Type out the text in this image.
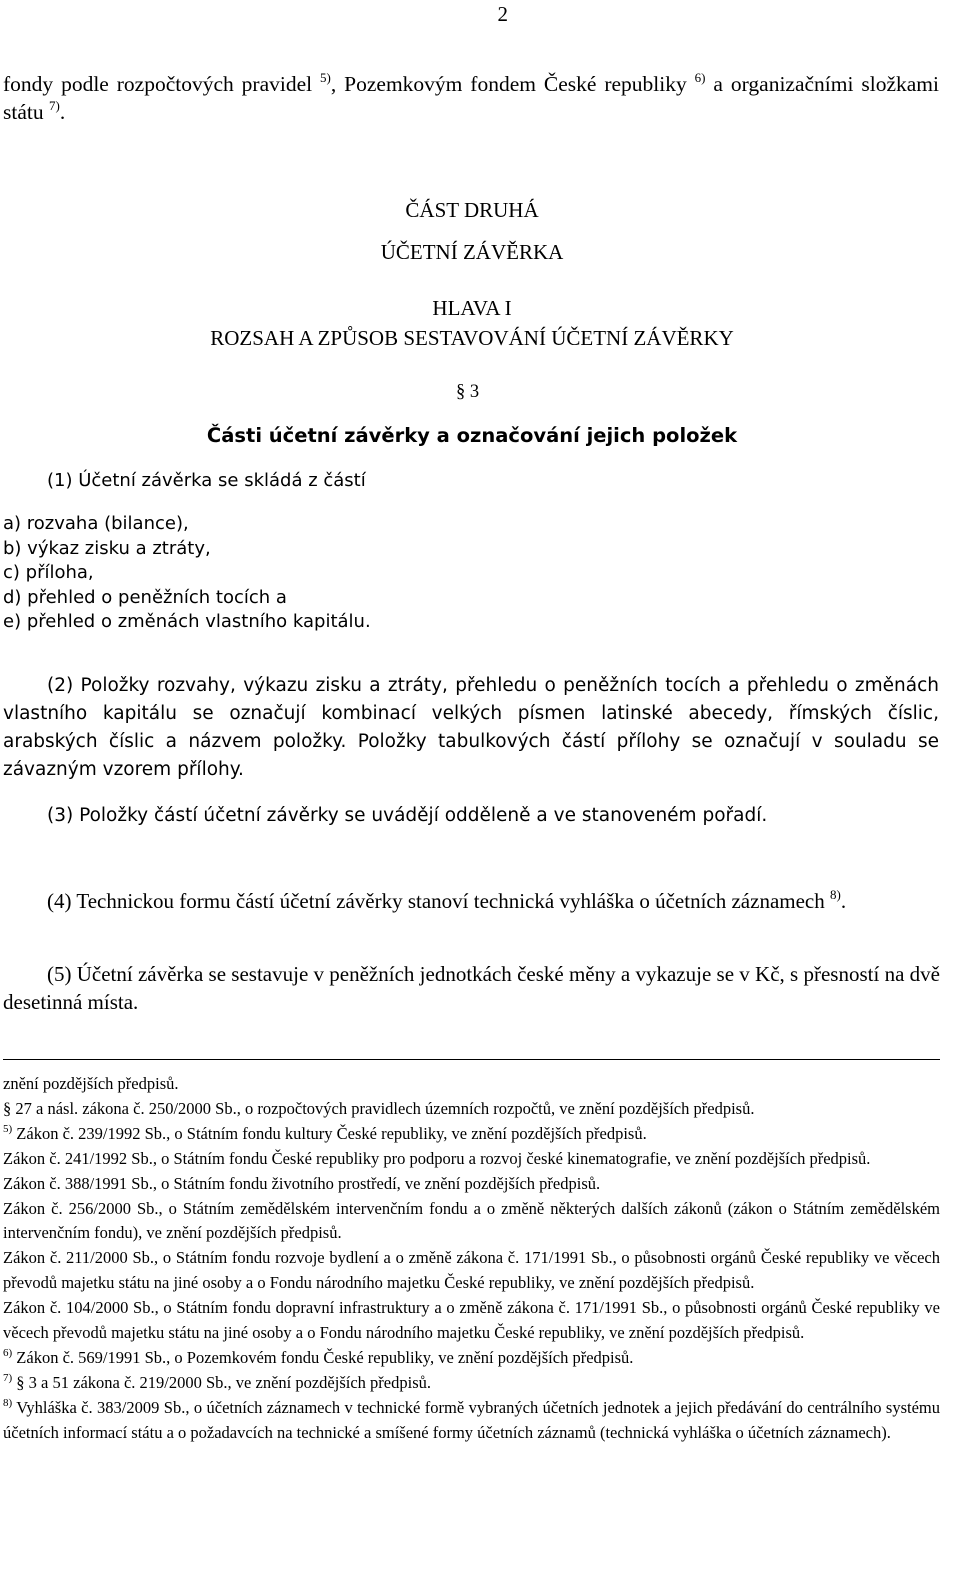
2

fondy podle rozpočtových pravidel $^{5)}$, Pozemkovým fondem České republiky $^{6)}$ a organizačními složkami státu $^{7)}$.

ČÁST DRUHÁ
ÚČETNÍ ZÁVĚRKA
HLAVA I
ROZSAH A ZPŮSOB SESTAVOVÁNÍ ÚČETNÍ ZÁVĚRKY
§ 3
Části účetní závěrky a označování jejich položek
(1) Účetní závěrka se skládá z částí
a) rozvaha (bilance),
b) výkaz zisku a ztráty,
c) příloha,
d) přehled o peněžních tocích a
e) přehled o změnách vlastního kapitálu.

(2) Položky rozvahy, výkazu zisku a ztráty, přehledu o peněžních tocích a přehledu o změnách vlastního kapitálu se označují kombinací velkých písmen latinské abecedy, římských číslic, arabských číslic a názvem položky. Položky tabulkových částí přílohy se označují v souladu se závazným vzorem přílohy.

(3) Položky částí účetní závěrky se uvádějí odděleně a ve stanoveném pořadí.

(4) Technickou formu částí účetní závěrky stanoví technická vyhláška o účetních záznamech $^{8)}$.

(5) Účetní závěrka se sestavuje v peněžních jednotkách české měny a vykazuje se v Kč, s přesností na dvě desetinná místa.

znění pozdějších předpisů.
§ 27 a násl. zákona č. 250/2000 Sb., o rozpočtových pravidlech územních rozpočtů, ve znění pozdějších předpisů.
$^{5)}$ Zákon č. 239/1992 Sb., o Státním fondu kultury České republiky, ve znění pozdějších předpisů.
Zákon č. 241/1992 Sb., o Státním fondu České republiky pro podporu a rozvoj české kinematografie, ve znění pozdějších předpisů.
Zákon č. 388/1991 Sb., o Státním fondu životního prostředí, ve znění pozdějších předpisů.
Zákon č. 256/2000 Sb., o Státním zemědělském intervenčním fondu a o změně některých dalších zákonů (zákon o Státním zemědělském intervenčním fondu), ve znění pozdějších předpisů.
Zákon č. 211/2000 Sb., o Státním fondu rozvoje bydlení a o změně zákona č. 171/1991 Sb., o působnosti orgánů České republiky ve věcech převodů majetku státu na jiné osoby a o Fondu národního majetku České republiky, ve znění pozdějších předpisů.
Zákon č. 104/2000 Sb., o Státním fondu dopravní infrastruktury a o změně zákona č. 171/1991 Sb., o působnosti orgánů České republiky ve věcech převodů majetku státu na jiné osoby a o Fondu národního majetku České republiky, ve znění pozdějších předpisů.
$^{6)}$ Zákon č. 569/1991 Sb., o Pozemkovém fondu České republiky, ve znění pozdějších předpisů.
$^{7)}$ § 3 a 51 zákona č. 219/2000 Sb., ve znění pozdějších předpisů.
$^{8)}$ Vyhláška č. 383/2009 Sb., o účetních záznamech v technické formě vybraných účetních jednotek a jejich předávání do centrálního systému účetních informací státu a o požadavcích na technické a smíšené formy účetních záznamů (technická vyhláška o účetních záznamech).
